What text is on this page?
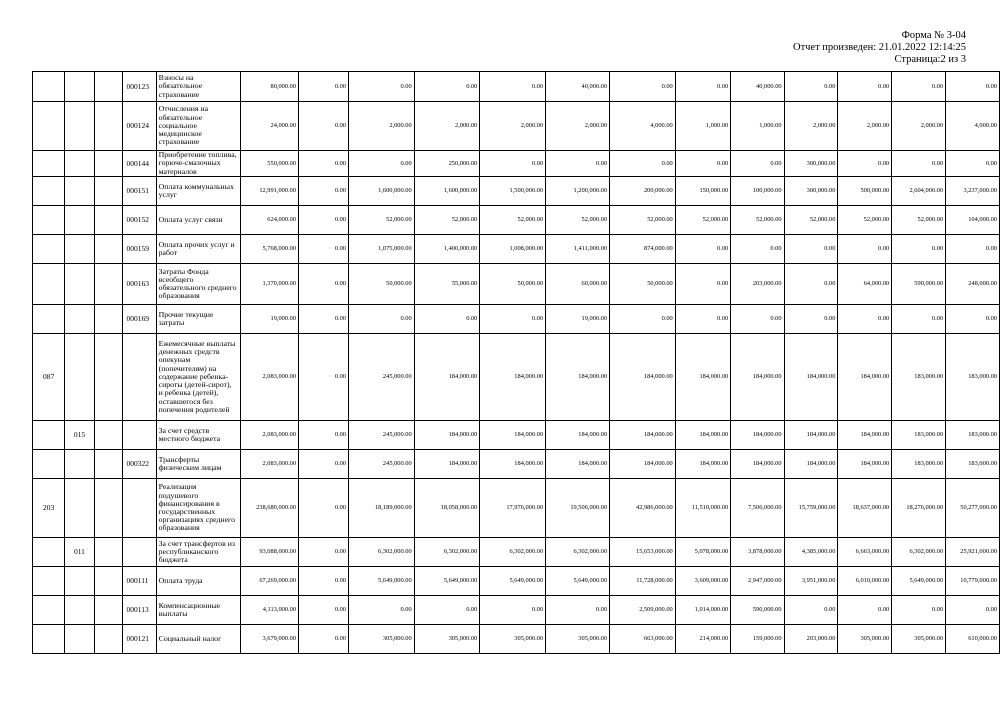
Форма № 3-04
Отчет произведен: 21.01.2022 12:14:25
Страница:2 из 3
			000123	Взносы на обязательное страхование	80,000.00	0.00	0.00	0.00	0.00	40,000.00	0.00	0.00	40,000.00	0.00	0.00	0.00	0.00
			000124	Отчисления на обязательное социальное медицинское страхование	24,000.00	0.00	2,000.00	2,000.00	2,000.00	2,000.00	4,000.00	1,000.00	1,000.00	2,000.00	2,000.00	2,000.00	4,000.00
			000144	Приобретение топлива, горюче-смазочных материалов	550,000.00	0.00	0.00	250,000.00	0.00	0.00	0.00	0.00	0.00	300,000.00	0.00	0.00	0.00
			000151	Оплата коммунальных услуг	12,991,000.00	0.00	1,600,000.00	1,600,000.00	1,500,000.00	1,200,000.00	200,000.00	150,000.00	100,000.00	300,000.00	500,000.00	2,604,000.00	3,237,000.00
			000152	Оплата услуг связи	624,000.00	0.00	52,000.00	52,000.00	52,000.00	52,000.00	52,000.00	52,000.00	52,000.00	52,000.00	52,000.00	52,000.00	104,000.00
			000159	Оплата прочих услуг и работ	5,768,000.00	0.00	1,075,000.00	1,400,000.00	1,008,000.00	1,411,000.00	874,000.00	0.00	0.00	0.00	0.00	0.00	0.00
			000163	Затраты Фонда всеобщего обязательного среднего образования	1,370,000.00	0.00	50,000.00	55,000.00	50,000.00	60,000.00	50,000.00	0.00	203,000.00	0.00	64,000.00	590,000.00	248,000.00
			000169	Прочие текущие затраты	19,000.00	0.00	0.00	0.00	0.00	19,000.00	0.00	0.00	0.00	0.00	0.00	0.00	0.00
087				Ежемесячные выплаты денежных средств опекунам (попечителям) на содержание ребенка-сироты (детей-сирот), и ребенка (детей), оставшегося без попечения родителей	2,083,000.00	0.00	245,000.00	184,000.00	184,000.00	184,000.00	184,000.00	184,000.00	184,000.00	184,000.00	184,000.00	183,000.00	183,000.00
	015			За счет средств местного бюджета	2,083,000.00	0.00	245,000.00	184,000.00	184,000.00	184,000.00	184,000.00	184,000.00	184,000.00	184,000.00	184,000.00	183,000.00	183,000.00
			000322	Трансферты физическим лицам	2,083,000.00	0.00	245,000.00	184,000.00	184,000.00	184,000.00	184,000.00	184,000.00	184,000.00	184,000.00	184,000.00	183,000.00	183,000.00
203				Реализация подушевого финансирования в государственных организациях среднего образования	238,680,000.00	0.00	18,189,000.00	18,058,000.00	17,976,000.00	19,506,000.00	42,986,000.00	11,510,000.00	7,506,000.00	15,759,000.00	18,637,000.00	18,276,000.00	50,277,000.00
	011			За счет трансфертов из республиканского бюджета	93,088,000.00	0.00	6,302,000.00	6,302,000.00	6,302,000.00	6,302,000.00	15,653,000.00	5,078,000.00	3,878,000.00	4,385,000.00	6,663,000.00	6,302,000.00	25,921,000.00
			000111	Оплата труда	67,269,000.00	0.00	5,649,000.00	5,649,000.00	5,649,000.00	5,649,000.00	11,728,000.00	3,609,000.00	2,947,000.00	3,951,000.00	6,010,000.00	5,649,000.00	10,779,000.00
			000113	Компенсационные выплаты	4,113,000.00	0.00	0.00	0.00	0.00	0.00	2,509,000.00	1,014,000.00	590,000.00	0.00	0.00	0.00	0.00
			000121	Социальный налог	3,679,000.00	0.00	305,000.00	305,000.00	305,000.00	305,000.00	663,000.00	214,000.00	159,000.00	203,000.00	305,000.00	305,000.00	610,000.00
